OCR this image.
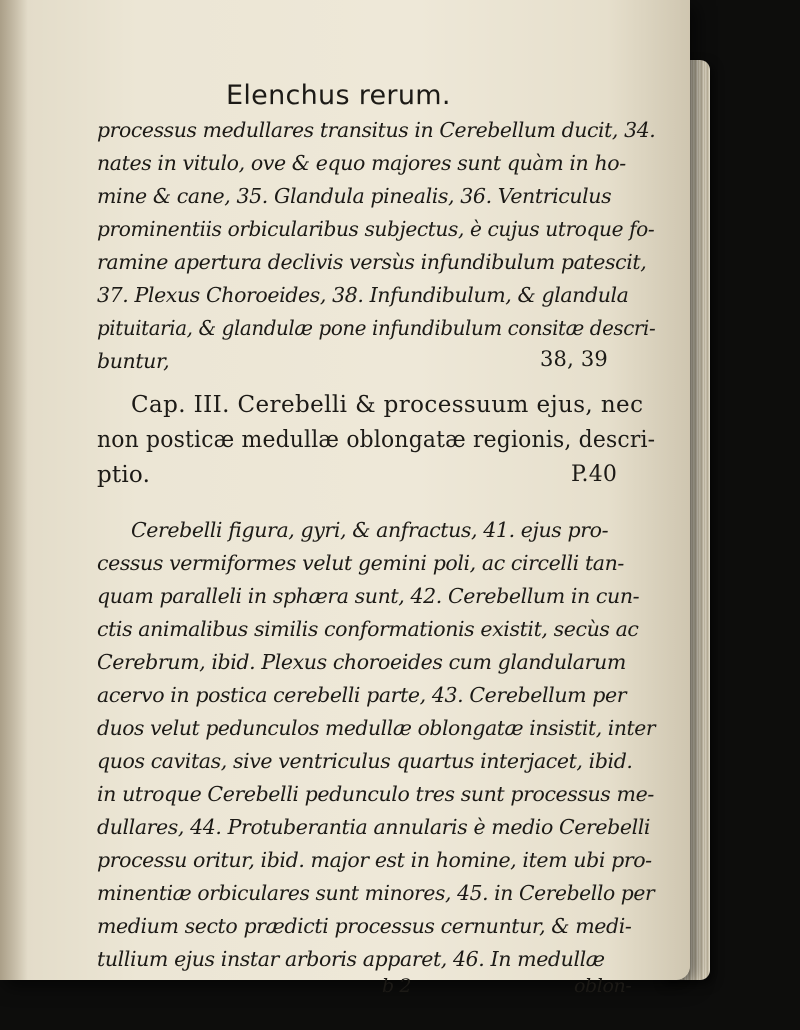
Elenchus rerum.
processus medullares transitus in Cerebellum ducit, 34.
nates in vitulo, ove & equo majores sunt quàm in ho-
mine & cane, 35. Glandula pinealis, 36. Ventriculus
prominentiis orbicularibus subjectus, è cujus utroque fo-
ramine apertura declivis versùs infundibulum patescit,
37. Plexus Choroeides, 38. Infundibulum, & glandula
pituitaria, & glandulæ pone infundibulum consitæ descri-
buntur,	38, 39
Cap. III. Cerebelli & processuum ejus, nec
non posticæ medullæ oblongatæ regionis, descri-
ptio.	P.40
Cerebelli figura, gyri, & anfractus, 41. ejus pro-
cessus vermiformes velut gemini poli, ac circelli tan-
quam paralleli in sphæra sunt, 42. Cerebellum in cun-
ctis animalibus similis conformationis existit, secùs ac
Cerebrum, ibid. Plexus choroeides cum glandularum
acervo in postica cerebelli parte, 43. Cerebellum per
duos velut pedunculos medullæ oblongatæ insistit, inter
quos cavitas, sive ventriculus quartus interjacet, ibid.
in utroque Cerebelli pedunculo tres sunt processus me-
dullares, 44. Protuberantia annularis è medio Cerebelli
processu oritur, ibid. major est in homine, item ubi pro-
minentiæ orbiculares sunt minores, 45. in Cerebello per
medium secto prædicti processus cernuntur, & medi-
tullium ejus instar arboris apparet, 46. In medullæ
b 2	oblon-
